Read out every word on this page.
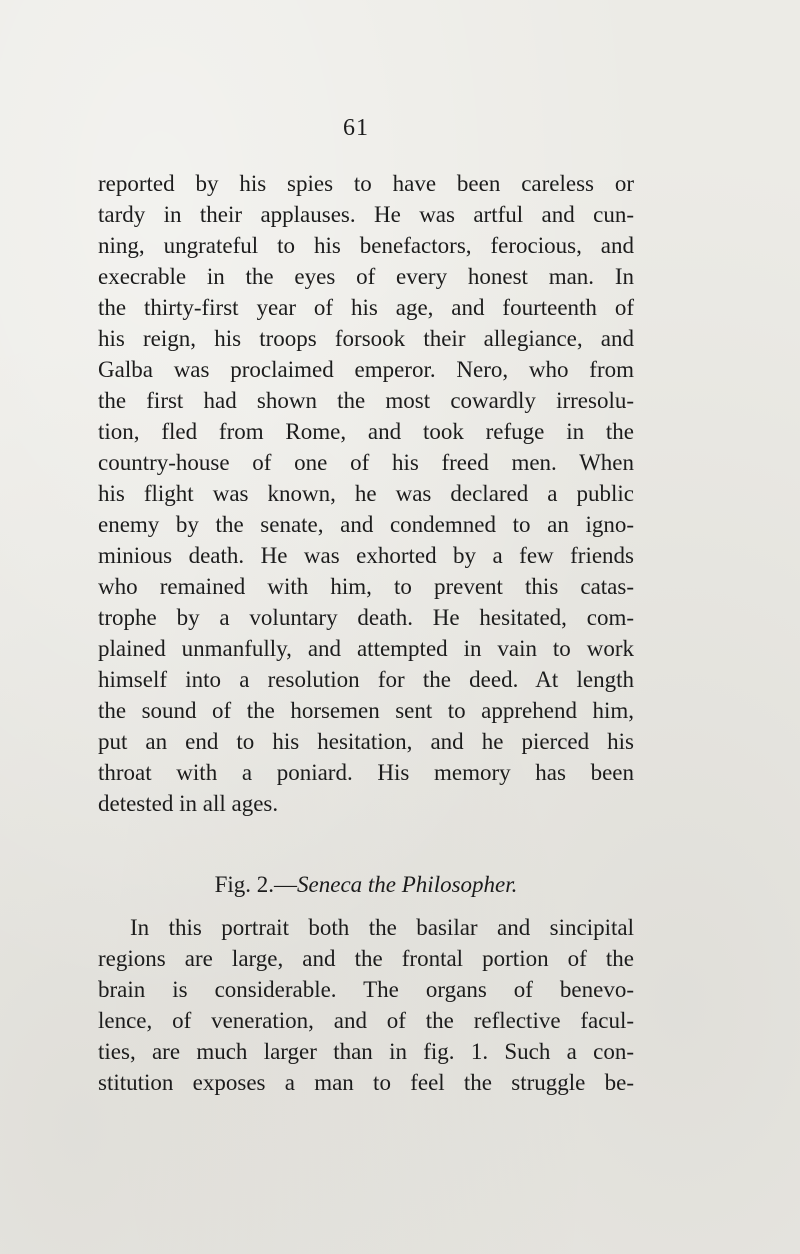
61
reported by his spies to have been careless or
tardy in their applauses. He was artful and cun-
ning, ungrateful to his benefactors, ferocious, and
execrable in the eyes of every honest man. In
the thirty-first year of his age, and fourteenth of
his reign, his troops forsook their allegiance, and
Galba was proclaimed emperor. Nero, who from
the first had shown the most cowardly irresolu-
tion, fled from Rome, and took refuge in the
country-house of one of his freed men. When
his flight was known, he was declared a public
enemy by the senate, and condemned to an igno-
minious death. He was exhorted by a few friends
who remained with him, to prevent this catas-
trophe by a voluntary death. He hesitated, com-
plained unmanfully, and attempted in vain to work
himself into a resolution for the deed. At length
the sound of the horsemen sent to apprehend him,
put an end to his hesitation, and he pierced his
throat with a poniard. His memory has been
detested in all ages.
Fig. 2.—Seneca the Philosopher.
In this portrait both the basilar and sincipital
regions are large, and the frontal portion of the
brain is considerable. The organs of benevo-
lence, of veneration, and of the reflective facul-
ties, are much larger than in fig. 1. Such a con-
stitution exposes a man to feel the struggle be-
